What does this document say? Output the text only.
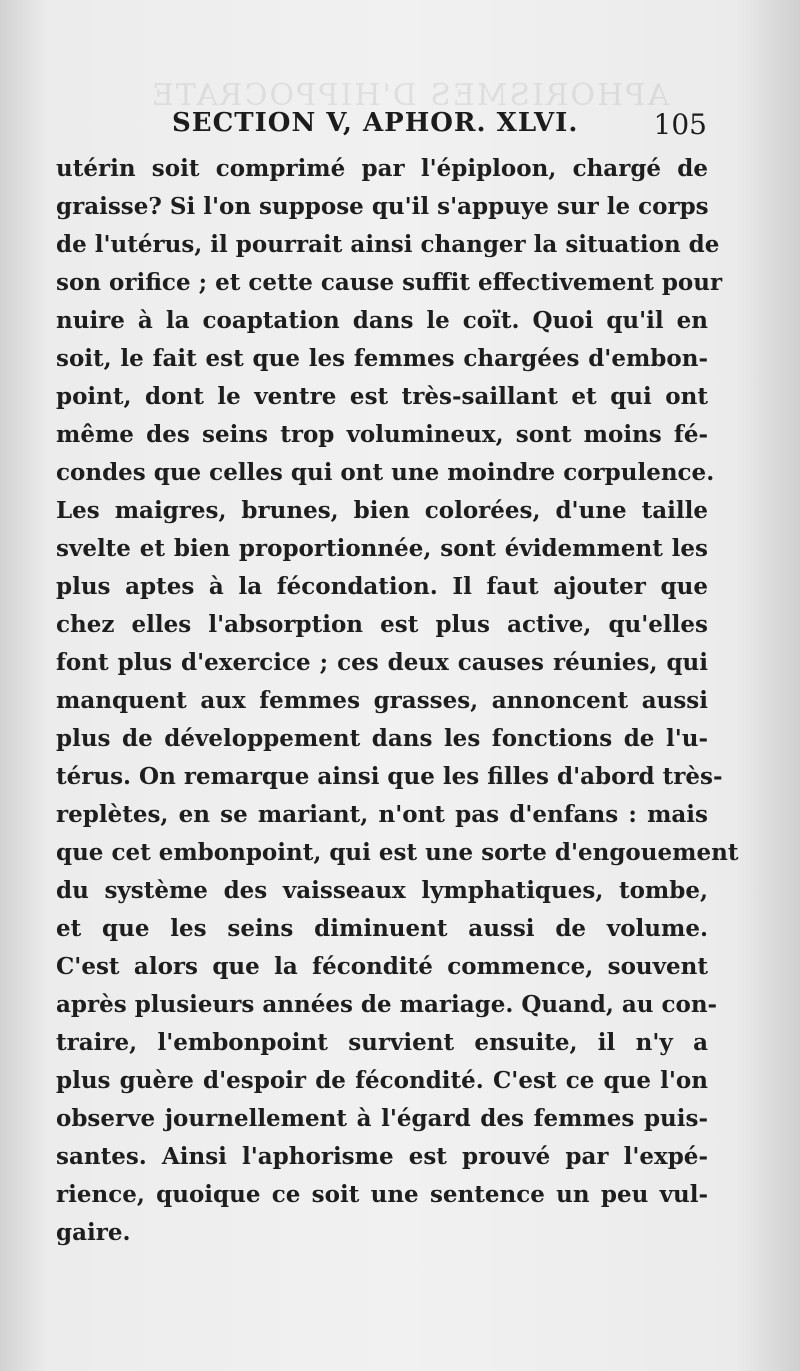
APHORISMES D'HIPPOCRATE
SECTION V, APHOR. XLVI.	105
utérin soit comprimé par l'épiploon, chargé de
graisse? Si l'on suppose qu'il s'appuye sur le corps
de l'utérus, il pourrait ainsi changer la situation de
son orifice ; et cette cause suffit effectivement pour
nuire à la coaptation dans le coït. Quoi qu'il en
soit, le fait est que les femmes chargées d'embon-
point, dont le ventre est très-saillant et qui ont
même des seins trop volumineux, sont moins fé-
condes que celles qui ont une moindre corpulence.
Les maigres, brunes, bien colorées, d'une taille
svelte et bien proportionnée, sont évidemment les
plus aptes à la fécondation. Il faut ajouter que
chez elles l'absorption est plus active, qu'elles
font plus d'exercice ; ces deux causes réunies, qui
manquent aux femmes grasses, annoncent aussi
plus de développement dans les fonctions de l'u-
térus. On remarque ainsi que les filles d'abord très-
replètes, en se mariant, n'ont pas d'enfans : mais
que cet embonpoint, qui est une sorte d'engouement
du système des vaisseaux lymphatiques, tombe,
et que les seins diminuent aussi de volume.
C'est alors que la fécondité commence, souvent
après plusieurs années de mariage. Quand, au con-
traire, l'embonpoint survient ensuite, il n'y a
plus guère d'espoir de fécondité. C'est ce que l'on
observe journellement à l'égard des femmes puis-
santes. Ainsi l'aphorisme est prouvé par l'expé-
rience, quoique ce soit une sentence un peu vul-
gaire.
